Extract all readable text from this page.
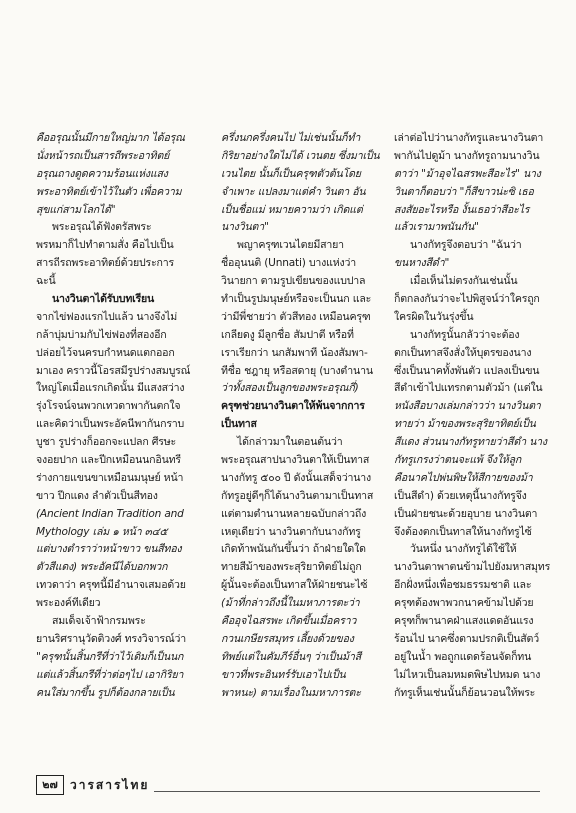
คืออรุณนั้นมีกายใหญ่มาก ได้อรุณ
นั่งหน้ารถเป็นสารถีพระอาทิตย์
อรุณถางดูดความร้อนแห่งแสง
พระอาทิตย์เข้าไว้ในตัว เพื่อความ
สุขแก่สามโลกได้"
พระอรุณได้ฟังตรัสพระ
พรหมาก็ไปทำตามสั่ง คือไปเป็น
สารถีรถพระอาทิตย์ด้วยประการ
ฉะนี้
นางวินตาได้รับบทเรียน
จากไข่ฟองแรกไปแล้ว นางจึงไม่
กล้าบุ่มบ่ามกับไข่ฟองที่สองอีก
ปล่อยไว้จนครบกำหนดแตกออก
มาเอง คราวนี้โอรสมีรูปร่างสมบูรณ์
ใหญ่โตเมื่อแรกเกิดนั้น มีแสงสว่าง
รุ่งโรจน์จนพวกเทวดาพากันตกใจ
และคิดว่าเป็นพระอัคนีพากันกราบ
บูชา รูปร่างก็ออกจะแปลก ศีรษะ
จงอยปาก และปีกเหมือนนกอินทรี
ร่างกายแขนขาเหมือนมนุษย์ หน้า
ขาว ปีกแดง ลำตัวเป็นสีทอง
(Ancient Indian Tradition and
Mythology เล่ม ๑ หน้า ๓๔๕
แต่บางตำราว่าหน้าขาว ขนสีทอง
ตัวสีแดง) พระอัคนีได้บอกพวก
เทวดาว่า ครุฑนี้มีอำนาจเสมอด้วย
พระองค์ทีเดียว
สมเด็จเจ้าฟ้ากรมพระ
ยานริศรานุวัดติวงศ์ ทรงวิจารณ์ว่า
"ครุฑนั้นสิ้นกรีที่ว่าไว้เดิมก็เป็นนก
แต่แล้วสิ้นกรีที่ว่าต่อๆไป เอากิริยา
คนใส่มากขึ้น รูปก็ต้องกลายเป็น
ครึ่งนกครึ่งคนไป ไม่เช่นนั้นก็ทำ
กิริยาอย่างใดไม่ได้ เวนตย ซึ่งมาเป็น
เวนไตย นั้นก็เป็นครุฑตัวต้นโดย
จำเพาะ แปลงมาแต่คำ วินตา อัน
เป็นชื่อแม่ หมายความว่า เกิดแต่
นางวินตา"
พญาครุฑเวนไตยมีสายา
ชื่ออุนนติ (Unnati) บางแห่งว่า
วินายกา ตามรูปเขียนของแบปาล
ทำเป็นรูปมนุษย์หรือจะเป็นนก และ
ว่ามีพี่ชายว่า ตัวสีทอง เหมือนครุฑ
เกลียดงู มีลูกชื่อ สัมปาตี หรือที่
เราเรียกว่า นกสัมพาที น้องสัมพา-
ทีชื่อ ชฎายุ หรือสดายุ (บางตำนาน
ว่าทั้งสองเป็นลูกของพระอรุณกี่)
ครุฑช่วยนางวินตาให้พ้นจากการ
เป็นทาส
ได้กล่าวมาในตอนต้นว่า
พระอรุณสาปนางวินตาให้เป็นทาส
นางกัทรู ๕๐๐ ปี ดังนั้นเสด็จว่านาง
กัทรูอยู่ดีๆก็ได้นางวินตามาเป็นทาส
แต่ตามตำนานหลายฉบับกล่าวถึง
เหตุเดียว่า นางวินตากับนางกัทรู
เกิดท้าพนันกันขึ้นว่า ถ้าฝ่ายใดใด
ทายสีม้าของพระสุริยาทิตย์ไม่ถูก
ผู้นั้นจะต้องเป็นทาสให้ฝ่ายชนะไซ้
(ม้าที่กล่าวถึงนี้ในมหาภารตะว่า
คืออุจไฉสรพะ เกิดขึ้นเมื่อคราว
กวนเกษียรสมุทร เลี้ยงด้วยของ
ทิพย์แต่ในคัมภีร์อื่นๆ ว่าเป็นม้าสี
ขาวที่พระอินทร์รับเอาไปเป็น
พาหนะ) ตามเรื่องในมหาภารตะ
เล่าต่อไปว่านางกัทรูและนางวินตา
พากันไปดูม้า นางกัทรูถามนางวิน
ตาว่า "ม้าอุจไฉสรพะสีอะไร" นาง
วินตาก็ตอบว่า "ก็สีขาวน่ะซิ เธอ
สงสัยอะไรหรือ งั้นเธอว่าสีอะไร
แล้วเรามาพนันกัน"
นางกัทรูจึงตอบว่า "ฉันว่า
ขนหางสีดำ"
เมื่อเห็นไม่ตรงกันเช่นนั้น
ก็ตกลงกันว่าจะไปพิสูจน์ว่าใครถูก
ใครผิดในวันรุ่งขึ้น
นางกัทรูนั้นกลัวว่าจะต้อง
ตกเป็นทาสจึงสั่งให้บุตรของนาง
ซึ่งเป็นนาคทั้งพันตัว แปลงเป็นขน
สีดำเข้าไปแทรกตามตัวม้า (แต่ใน
หนังสือบางเล่มกล่าวว่า นางวินตา
ทายว่า ม้าของพระสุริยาทิตย์เป็น
สีแดง ส่วนนางกัทรูทายว่าสีดำ นาง
กัทรูเกรงว่าตนจะแพ้ จึงให้ลูก
คือนาคไปพ่นพิษให้สีกายของม้า
เป็นสีดำ) ด้วยเหตุนี้นางกัทรูจึง
เป็นฝ่ายชนะด้วยอุบาย นางวินตา
จึงต้องตกเป็นทาสให้นางกัทรูไซ้
วันหนึ่ง นางกัทรูได้ใช้ให้
นางวินตาพาตนข้ามไปยังมหาสมุทร
อีกฝั่งหนึ่งเพื่อชมธรรมชาติ และ
ครุฑต้องพาพวกนาคข้ามไปด้วย
ครุฑก็พานาคฝ่าแสงแดดอันแรง
ร้อนไป นาคซึ่งตามปรกติเป็นสัตว์
อยู่ในน้ำ พอถูกแดดร้อนจัดก็ทน
ไม่ไหวเป็นลมหมดพิษไปหมด นาง
กัทรูเห็นเช่นนั้นก็ย้อนวอนให้พระ
๒๗	วารสารไทย
